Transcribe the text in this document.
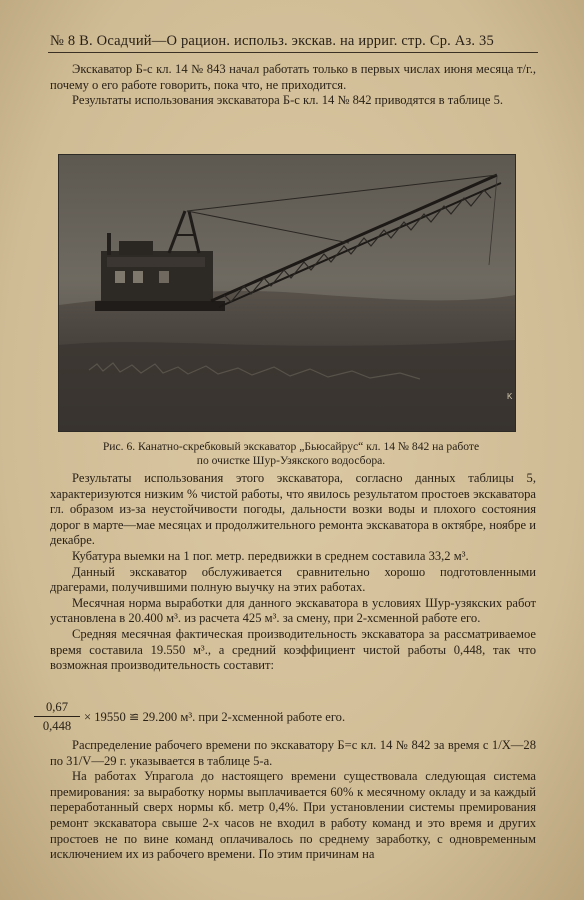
№ 8 В. Осадчий—О рацион. использ. экскав. на ирриг. стр. Ср. Аз. 35

Экскаватор Б-с кл. 14 № 843 начал работать только в первых числах июня месяца т/г., почему о его работе говорить, пока что, не приходится.

Результаты использования экскаватора Б-с кл. 14 № 842 приводятся в таблице 5.

K
Рис. 6. Канатно-скребковый экскаватор „Бьюсайрус“ кл. 14 № 842 на работе
по очистке Шур-Узякского водосбора.

Результаты использования этого экскаватора, согласно данных таблицы 5, характеризуются низким % чистой работы, что явилось результатом простоев экскаватора гл. образом из-за неустойчивости погоды, дальности возки воды и плохого состояния дорог в марте—мае месяцах и продолжительного ремонта экскаватора в октябре, ноябре и декабре.

Кубатура выемки на 1 пог. метр. передвижки в среднем составила 33,2 м³.

Данный экскаватор обслуживается сравнительно хорошо подготовленными драгерами, получившими полную выучку на этих работах.

Месячная норма выработки для данного экскаватора в условиях Шур-узякских работ установлена в 20.400 м³. из расчета 425 м³. за смену, при 2-хсменной работе его.

Средняя месячная фактическая производительность экскаватора за рассматриваемое время составила 19.550 м³., а средний коэффициент чистой работы 0,448, так что возможная производительность составит:

0,67
0,448
× 19550 ≌ 29.200 м³. при 2-хсменной работе его.

Распределение рабочего времени по экскаватору Б=с кл. 14 № 842 за время с 1/X—28 по 31/V—29 г. указывается в таблице 5-а.

На работах Упрагола до настоящего времени существовала следующая система премирования: за выработку нормы выплачивается 60% к месячному окладу и за каждый переработанный сверх нормы кб. метр 0,4%. При установлении системы премирования ремонт экскаватора свыше 2-х часов не входил в работу команд и это время и других простоев не по вине команд оплачивалось по среднему заработку, с одновременным исключением их из рабочего времени. По этим причинам на
